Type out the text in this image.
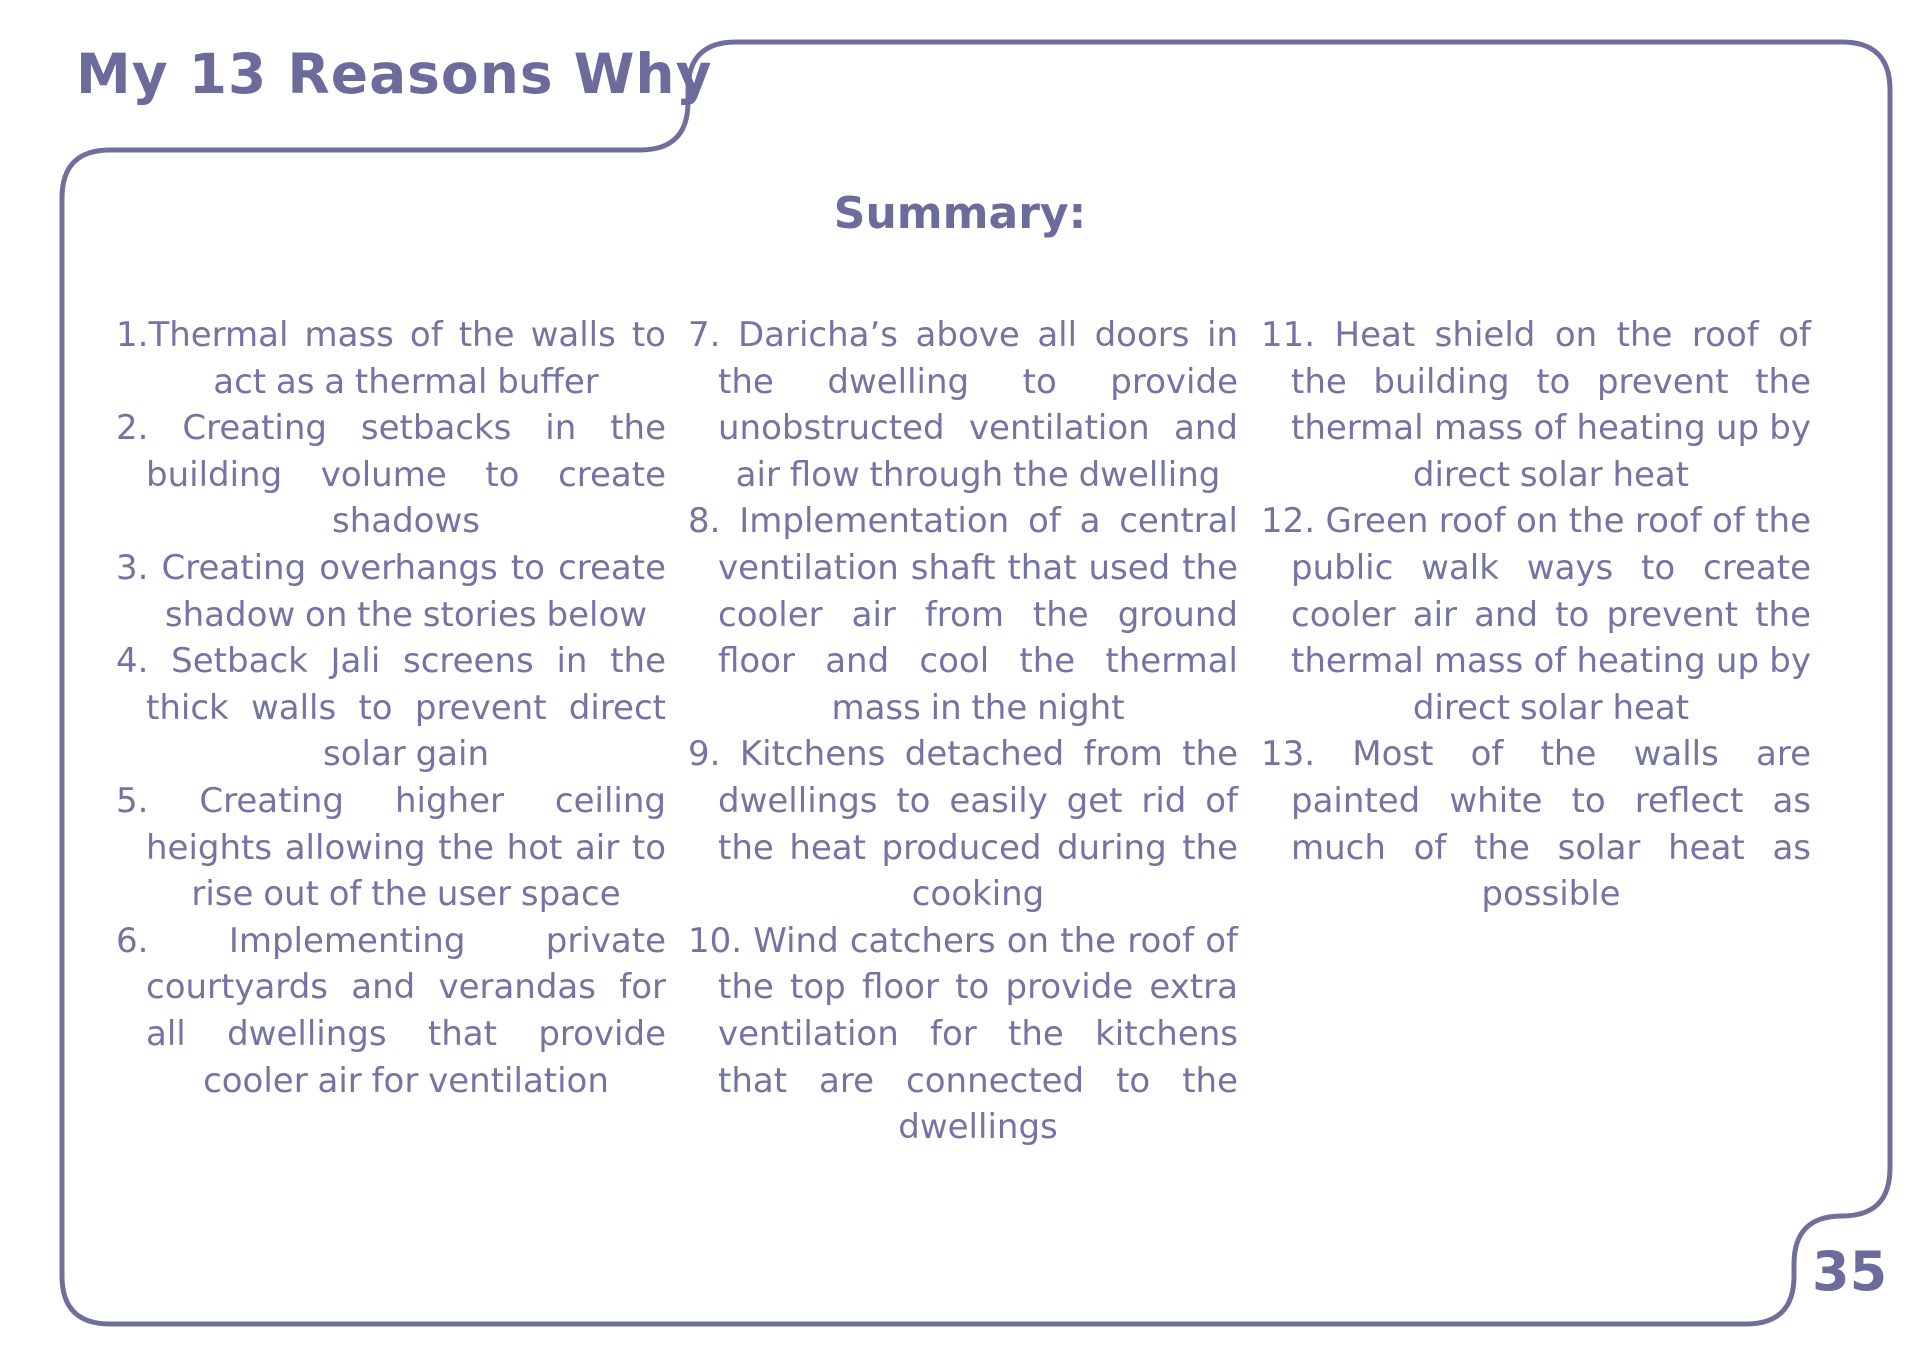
My 13 Reasons Why
Summary:

1.Thermal mass of the walls to act as a thermal buffer

2. Creating setbacks in the building volume to create shadows

3. Creating overhangs to create shadow on the stories below

4. Setback Jali screens in the thick walls to prevent direct solar gain

5. Creating higher ceiling heights allowing the hot air to rise out of the user space

6. Implementing private courtyards and verandas for all dwellings that provide cooler air for ventilation

7. Daricha’s above all doors in the dwelling to provide unobstructed ventilation and air flow through the dwelling

8. Implementation of a central ventilation shaft that used the cooler air from the ground floor and cool the thermal mass in the night

9. Kitchens detached from the dwellings to easily get rid of the heat produced during the cooking

10. Wind catchers on the roof of the top floor to provide extra ventilation for the kitchens that are connected to the dwellings

11. Heat shield on the roof of the building to prevent the thermal mass of heating up by direct solar heat

12. Green roof on the roof of the public walk ways to create cooler air and to prevent the thermal mass of heating up by direct solar heat

13. Most of the walls are painted white to reflect as much of the solar heat as possible

35
